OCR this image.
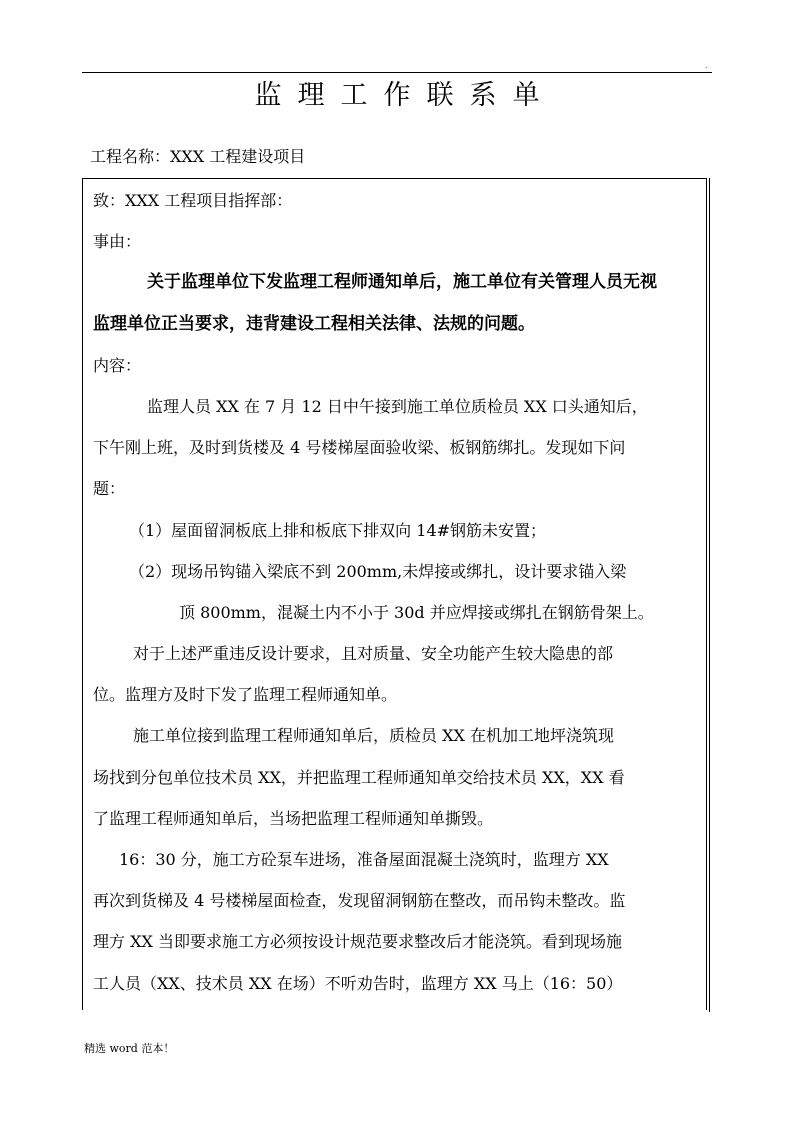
.
监理工作联系单
工程名称：XXX 工程建设项目
致：XXX 工程项目指挥部：
事由：
关于监理单位下发监理工程师通知单后，施工单位有关管理人员无视
监理单位正当要求，违背建设工程相关法律、法规的问题。
内容：
监理人员 XX 在 7 月 12 日中午接到施工单位质检员 XX 口头通知后，
下午刚上班，及时到货楼及 4 号楼梯屋面验收梁、板钢筋绑扎。发现如下问
题：
（1）屋面留洞板底上排和板底下排双向 14#钢筋未安置；
（2）现场吊钩锚入梁底不到 200mm,未焊接或绑扎，设计要求锚入梁
顶 800mm，混凝土内不小于 30d 并应焊接或绑扎在钢筋骨架上。
对于上述严重违反设计要求，且对质量、安全功能产生较大隐患的部
位。监理方及时下发了监理工程师通知单。
施工单位接到监理工程师通知单后，质检员 XX 在机加工地坪浇筑现
场找到分包单位技术员 XX，并把监理工程师通知单交给技术员 XX，XX 看
了监理工程师通知单后，当场把监理工程师通知单撕毁。
16：30 分，施工方砼泵车进场，准备屋面混凝土浇筑时，监理方 XX
再次到货梯及 4 号楼梯屋面检查，发现留洞钢筋在整改，而吊钩未整改。监
理方 XX 当即要求施工方必须按设计规范要求整改后才能浇筑。看到现场施
工人员（XX、技术员 XX 在场）不听劝告时，监理方 XX 马上（16：50）
精选 word 范本！
